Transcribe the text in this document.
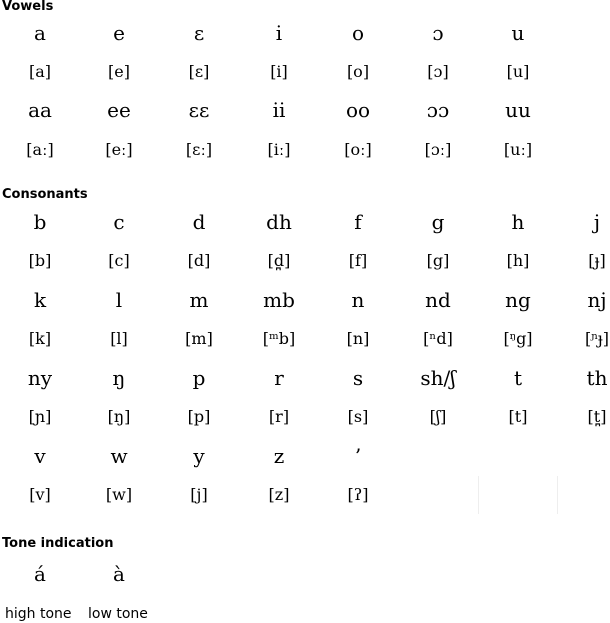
Vowels
a	e	ɛ	i	o	ɔ	u
[a]	[e]	[ɛ]	[i]	[o]	[ɔ]	[u]
aa	ee	ɛɛ	ii	oo	ɔɔ	uu
[aː]	[eː]	[ɛː]	[iː]	[oː]	[ɔː]	[uː]
Consonants
b	c	d	dh	f	g	h	j
[b]	[c]	[d]	[d̪]	[f]	[g]	[h]	[ɟ]
k	l	m	mb	n	nd	ng	nj
[k]	[l]	[m]	[ᵐb]	[n]	[ⁿd]	[ᵑg]	[ᶮɟ]
ny	ŋ	p	r	s	sh/ʃ	t	th
[ɲ]	[ŋ]	[p]	[r]	[s]	[ʃ]	[t]	[t̪]
v	w	y	z	’
[v]	[w]	[j]	[z]	[ʔ]
Tone indication
á	à
high tone low tone
